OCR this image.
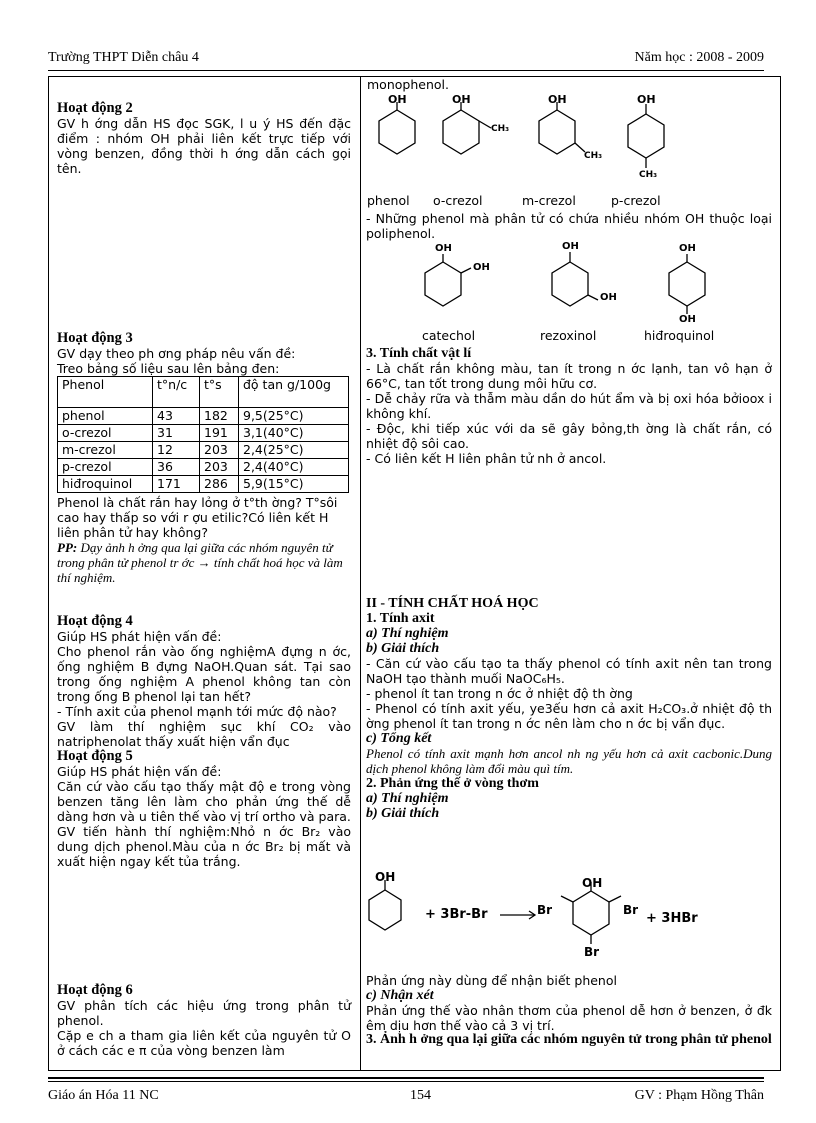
Trường THPT Diễn châu 4	Năm học : 2008 - 2009

Hoạt động 2

GV h ớng dẫn HS đọc SGK, l u ý HS đến đặc điểm : nhóm OH phải liên kết trực tiếp với vòng benzen, đồng thời h ớng dẫn cách gọi tên.

Hoạt động 3

GV dạy theo ph ơng pháp nêu vấn đề:

Treo bảng số liệu sau lên bảng đen:

Phenol	t°n/c	t°s	độ tan g/100g
phenol	43	182	9,5(25°C)
o-crezol	31	191	3,1(40°C)
m-crezol	12	203	2,4(25°C)
p-crezol	36	203	2,4(40°C)
hiđroquinol	171	286	5,9(15°C)

Phenol là chất rắn hay lỏng ở t°th ờng? T°sôi cao hay thấp so với r ợu etilic?Có liên kết H liên phân tử hay không?

PP: Dạy ảnh h ởng qua lại giữa các nhóm nguyên tử trong phân tử phenol tr ớc → tính chất hoá học và làm thí nghiệm.

Hoạt động 4

Giúp HS phát hiện vấn đề:

Cho phenol rắn vào ống nghiệmA đựng n ớc, ống nghiệm B đựng NaOH.Quan sát. Tại sao trong ống nghiệm A phenol không tan còn trong ống B phenol lại tan hết?

- Tính axit của phenol mạnh tới mức độ nào?

GV làm thí nghiệm sục khí CO₂ vào natriphenolat thấy xuất hiện vẩn đục

Hoạt động 5

Giúp HS phát hiện vấn đề:

Căn cứ vào cấu tạo thấy mật độ e trong vòng benzen tăng lên làm cho phản ứng thế dễ dàng hơn và u tiên thế vào vị trí ortho và para.

GV tiến hành thí nghiệm:Nhỏ n ớc Br₂ vào dung dịch phenol.Màu của n ớc Br₂ bị mất và xuất hiện ngay kết tủa trắng.

Hoạt động 6

GV phân tích các hiệu ứng trong phân tử phenol.

Cặp e ch a tham gia liên kết của nguyên tử O ở cách các e π của vòng benzen làm

monophenol.
OH	OH
CH₃
OH
CH₃
OH
CH₃
phenol o-crezol	m-crezol	p-crezol
- Những phenol mà phân tử có chứa nhiều nhóm OH thuộc loại poliphenol.
OH
OH
OH
OH
OH
OH
catechol	rezoxinol	hiđroquinol

3. Tính chất vật lí

- Là chất rắn không màu, tan ít trong n ớc lạnh, tan vô hạn ở 66°C, tan tốt trong dung môi hữu cơ.

- Dễ chảy rữa và thẫm màu dần do hút ẩm và bị oxi hóa bởioox i không khí.

- Độc, khi tiếp xúc với da sẽ gây bỏng,th ờng là chất rắn, có nhiệt độ sôi cao.

- Có liên kết H liên phân tử nh ở ancol.

II - TÍNH CHẤT HOÁ HỌC

1. Tính axit

a) Thí nghiệm

b) Giải thích

- Căn cứ vào cấu tạo ta thấy phenol có tính axit nên tan trong NaOH tạo thành muối NaOC₆H₅.

- phenol ít tan trong n ớc ở nhiệt độ th ờng

- Phenol có tính axit yếu, ye3ếu hơn cả axit H₂CO₃.ở nhiệt độ th ờng phenol ít tan trong n ớc nên làm cho n ớc bị vẩn đục.

c) Tổng kết

Phenol có tính axit mạnh hơn ancol nh ng yếu hơn cả axit cacbonic.Dung dịch phenol không làm đổi màu quì tím.

2. Phản ứng thế ở vòng thơm

a) Thí nghiệm

b) Giải thích

OH
+ 3Br-Br
OH
Br	Br
Br
+ 3HBr

Phản ứng này dùng để nhận biết phenol

c) Nhận xét

Phản ứng thế vào nhân thơm của phenol dễ hơn ở benzen, ở đk êm dịu hơn thế vào cả 3 vị trí.

3. Ảnh h ởng qua lại giữa các nhóm nguyên tử trong phân tử phenol

Giáo án Hóa 11 NC	154	GV : Phạm Hồng Thân
